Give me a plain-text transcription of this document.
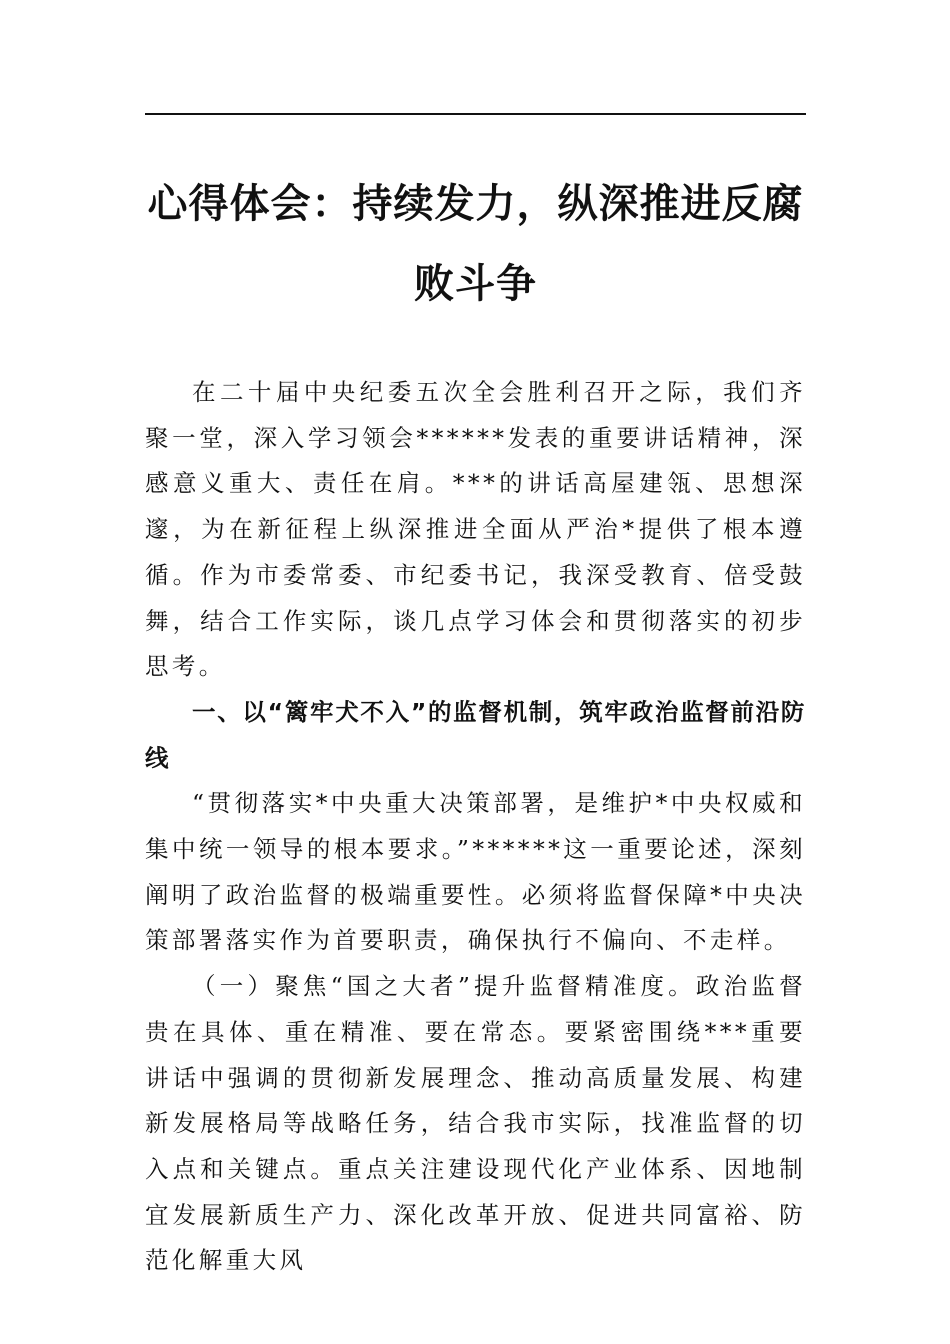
心得体会：持续发力，纵深推进反腐败斗争

在二十届中央纪委五次全会胜利召开之际，我们齐聚一堂，深入学习领会******发表的重要讲话精神，深感意义重大、责任在肩。***的讲话高屋建瓴、思想深邃，为在新征程上纵深推进全面从严治*提供了根本遵循。作为市委常委、市纪委书记，我深受教育、倍受鼓舞，结合工作实际，谈几点学习体会和贯彻落实的初步思考。

一、以“篱牢犬不入”的监督机制，筑牢政治监督前沿防线

“贯彻落实*中央重大决策部署，是维护*中央权威和集中统一领导的根本要求。”******这一重要论述，深刻阐明了政治监督的极端重要性。必须将监督保障*中央决策部署落实作为首要职责，确保执行不偏向、不走样。

（一）聚焦“国之大者”提升监督精准度。政治监督贵在具体、重在精准、要在常态。要紧密围绕***重要讲话中强调的贯彻新发展理念、推动高质量发展、构建新发展格局等战略任务，结合我市实际，找准监督的切入点和关键点。重点关注建设现代化产业体系、因地制宜发展新质生产力、深化改革开放、促进共同富裕、防范化解重大风
